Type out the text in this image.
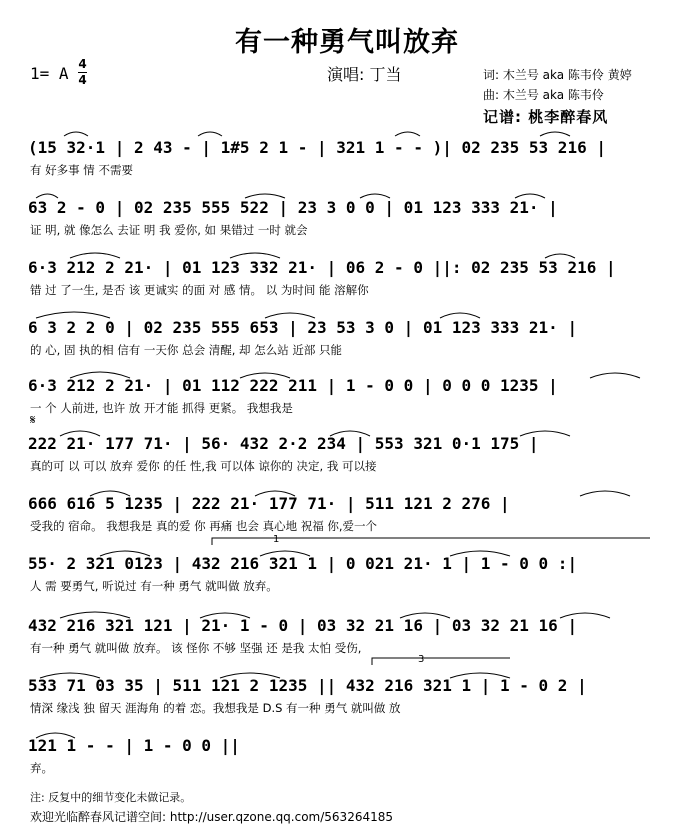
有一种勇气叫放弃
1= A 4
4	演唱: 丁当	词: 木兰号 aka 陈韦伶 黄婷
曲: 木兰号 aka 陈韦伶
记谱: 桃李醉春风
1
3
𝄋
(15 32·1 | 2 43 - | 1#5 2 1 - | 321 1 - - )| 02 235 53 216 |
有 好多事 情 不需要
63 2 - 0 | 02 235 555 522 | 23 3 0 0 | 01 123 333 21· |
证 明, 就 像怎么 去证 明 我 爱你, 如 果错过 一时 就会
6·3 212 2 21· | 01 123 332 21· | 06 2 - 0 ||: 02 235 53 216 |
错 过 了一生, 是否 该 更诚实 的面 对 感 情。 以 为时间 能 溶解你
6 3 2 2 0 | 02 235 555 653 | 23 53 3 0 | 01 123 333 21· |
的 心, 固 执的相 信有 一天你 总会 清醒, 却 怎么站 近部 只能
6·3 212 2 21· | 01 112 222 211 | 1 - 0 0 | 0 0 0 1235 |
一 个 人前进, 也许 放 开才能 抓得 更紧。 我想我是
222 21· 177 71· | 56· 432 2·2 234 | 553 321 0·1 175 |
真的可 以 可以 放弃 爱你 的任 性,我 可以体 谅你的 决定, 我 可以接
666 616 5 1235 | 222 21· 177 71· | 511 121 2 276 |
受我的 宿命。 我想我是 真的爱 你 再痛 也会 真心地 祝福 你,爱一个
55· 2 321 0123 | 432 216 321 1 | 0 021 21· 1 | 1 - 0 0 :|
人 需 要勇气, 听说过 有一种 勇气 就叫做 放弃。
432 216 321 121 | 21· 1 - 0 | 03 32 21 16 | 03 32 21 16 |
有一种 勇气 就叫做 放弃。 该 怪你 不够 坚强 还 是我 太怕 受伤,
533 71 03 35 | 511 121 2 1235 || 432 216 321 1 | 1 - 0 2 |
情深 缘浅 独 留天 涯海角 的着 恋。我想我是 D.S 有一种 勇气 就叫做 放
121 1 - - | 1 - 0 0 ||
弃。
注: 反复中的细节变化未做记录。
欢迎光临醉春风记谱空间: http://user.qzone.qq.com/563264185
